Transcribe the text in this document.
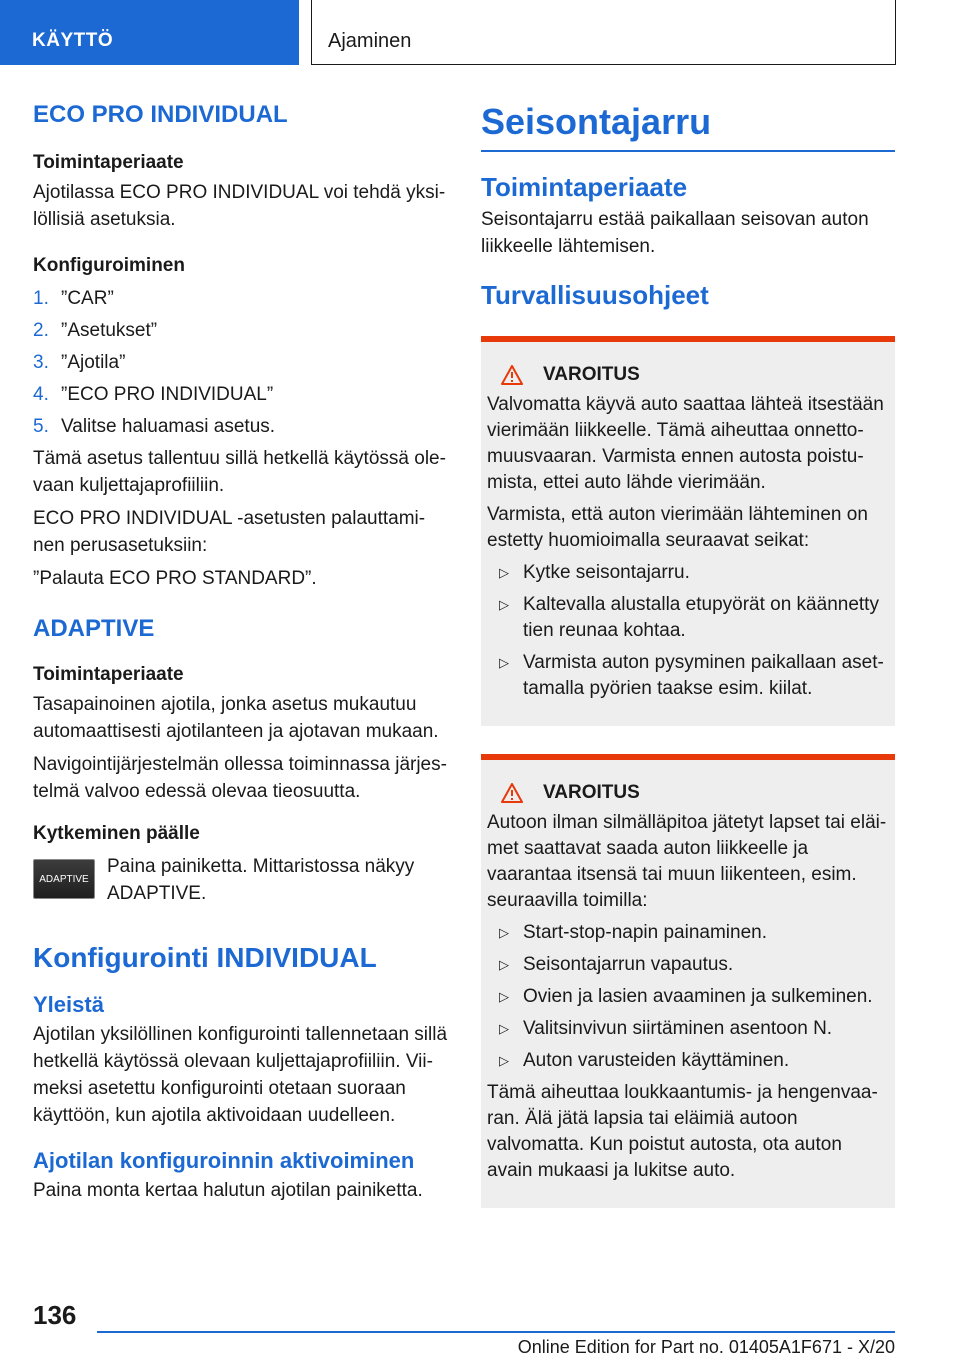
KÄYTTÖ	Ajaminen
ECO PRO INDIVIDUAL
Toimintaperiaate

Ajotilassa ECO PRO INDIVIDUAL voi tehdä yksilöllisiä asetuksia.

Konfiguroiminen
1. ”CAR”
2. ”Asetukset”
3. ”Ajotila”
4. ”ECO PRO INDIVIDUAL”
5. Valitse haluamasi asetus.

Tämä asetus tallentuu sillä hetkellä käytössä olevaan kuljettajaprofiiliin.

ECO PRO INDIVIDUAL -asetusten palauttaminen perusasetuksiin:

”Palauta ECO PRO STANDARD”.

ADAPTIVE
Toimintaperiaate

Tasapainoinen ajotila, jonka asetus mukautuu automaattisesti ajotilanteen ja ajotavan mukaan.

Navigointijärjestelmän ollessa toiminnassa järjestelmä valvoo edessä olevaa tieosuutta.

Kytkeminen päälle
ADAPTIVE

Paina painiketta. Mittaristossa näkyy ADAPTIVE.

Konfigurointi INDIVIDUAL
Yleistä

Ajotilan yksilöllinen konfigurointi tallennetaan sillä hetkellä käytössä olevaan kuljettajaprofiiliin. Viimeksi asetettu konfigurointi otetaan suoraan käyttöön, kun ajotila aktivoidaan uudelleen.

Ajotilan konfiguroinnin aktivoiminen

Paina monta kertaa halutun ajotilan painiketta.

Seisontajarru
Toimintaperiaate

Seisontajarru estää paikallaan seisovan auton liikkeelle lähtemisen.

Turvallisuusohjeet
VAROITUS

Valvomatta käyvä auto saattaa lähteä itsestään vierimään liikkeelle. Tämä aiheuttaa onnettomuusvaaran. Varmista ennen autosta poistumista, ettei auto lähde vierimään.

Varmista, että auton vierimään lähteminen on estetty huomioimalla seuraavat seikat:

▷ Kytke seisontajarru.
▷ Kaltevalla alustalla etupyörät on käännetty tien reunaa kohtaa.
▷ Varmista auton pysyminen paikallaan asettamalla pyörien taakse esim. kiilat.
VAROITUS

Autoon ilman silmälläpitoa jätetyt lapset tai eläimet saattavat saada auton liikkeelle ja vaarantaa itsensä tai muun liikenteen, esim. seuraavilla toimilla:

▷ Start-stop-napin painaminen.
▷ Seisontajarrun vapautus.
▷ Ovien ja lasien avaaminen ja sulkeminen.
▷ Valitsinvivun siirtäminen asentoon N.
▷ Auton varusteiden käyttäminen.

Tämä aiheuttaa loukkaantumis- ja hengenvaaran. Älä jätä lapsia tai eläimiä autoon valvomatta. Kun poistut autosta, ota auton avain mukaasi ja lukitse auto.

136
Online Edition for Part no. 01405A1F671 - X/20
